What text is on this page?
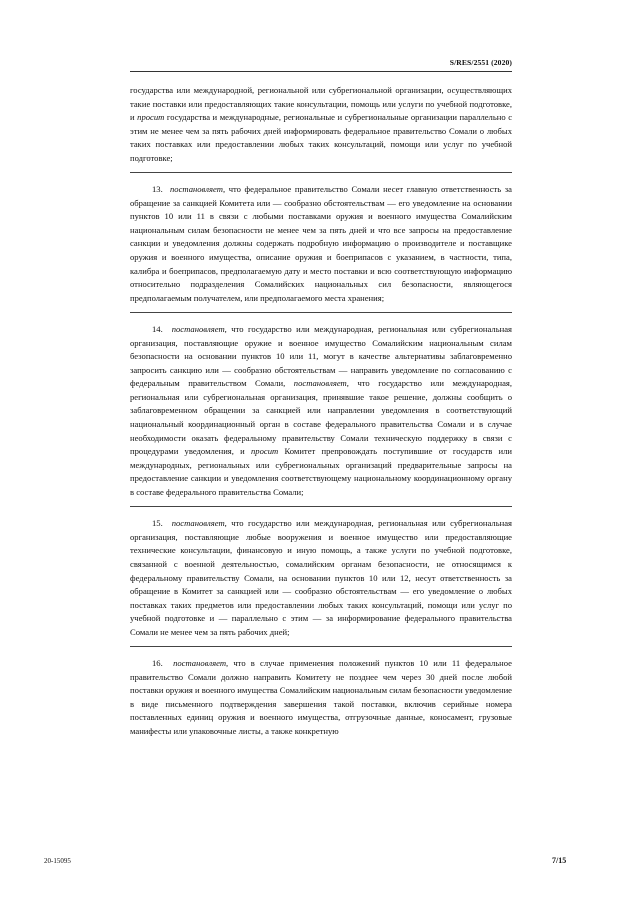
S/RES/2551 (2020)

государства или международной, региональной или субрегиональной организации, осуществляющих такие поставки или предоставляющих такие консультации, помощь или услуги по учебной подготовке, и просит государства и международные, региональные и субрегиональные организации параллельно с этим не менее чем за пять рабочих дней информировать федеральное правительство Сомали о любых таких поставках или предоставлении любых таких консультаций, помощи или услуг по учебной подготовке;

13.  постановляет, что федеральное правительство Сомали несет главную ответственность за обращение за санкцией Комитета или — сообразно обстоятельствам — его уведомление на основании пунктов 10 или 11 в связи с любыми поставками оружия и военного имущества Сомалийским национальным силам безопасности не менее чем за пять дней и что все запросы на предоставление санкции и уведомления должны содержать подробную информацию о производителе и поставщике оружия и военного имущества, описание оружия и боеприпасов с указанием, в частности, типа, калибра и боеприпасов, предполагаемую дату и место поставки и всю соответствующую информацию относительно подразделения Сомалийских национальных сил безопасности, являющегося предполагаемым получателем, или предполагаемого места хранения;

14.  постановляет, что государство или международная, региональная или субрегиональная организация, поставляющие оружие и военное имущество Сомалийским национальным силам безопасности на основании пунктов 10 или 11, могут в качестве альтернативы заблаговременно запросить санкцию или — сообразно обстоятельствам — направить уведомление по согласованию с федеральным правительством Сомали, постановляет, что государство или международная, региональная или субрегиональная организация, принявшие такое решение, должны сообщить о заблаговременном обращении за санкцией или направлении уведомления в соответствующий национальный координационный орган в составе федерального правительства Сомали и в случае необходимости оказать федеральному правительству Сомали техническую поддержку в связи с процедурами уведомления, и просит Комитет препровождать поступившие от государств или международных, региональных или субрегиональных организаций предварительные запросы на предоставление санкции и уведомления соответствующему национальному координационному органу в составе федерального правительства Сомали;

15.  постановляет, что государство или международная, региональная или субрегиональная организация, поставляющие любые вооружения и военное имущество или предоставляющие технические консультации, финансовую и иную помощь, а также услуги по учебной подготовке, связанной с военной деятельностью, сомалийским органам безопасности, не относящимся к федеральному правительству Сомали, на основании пунктов 10 или 12, несут ответственность за обращение в Комитет за санкцией или — сообразно обстоятельствам — его уведомление о любых поставках таких предметов или предоставлении любых таких консультаций, помощи или услуг по учебной подготовке и — параллельно с этим — за информирование федерального правительства Сомали не менее чем за пять рабочих дней;

16.  постановляет, что в случае применения положений пунктов 10 или 11 федеральное правительство Сомали должно направить Комитету не позднее чем через 30 дней после любой поставки оружия и военного имущества Сомалийским национальным силам безопасности уведомление в виде письменного подтверждения завершения такой поставки, включив серийные номера поставленных единиц оружия и военного имущества, отгрузочные данные, коносамент, грузовые манифесты или упаковочные листы, а также конкретную

20-15095	7/15
